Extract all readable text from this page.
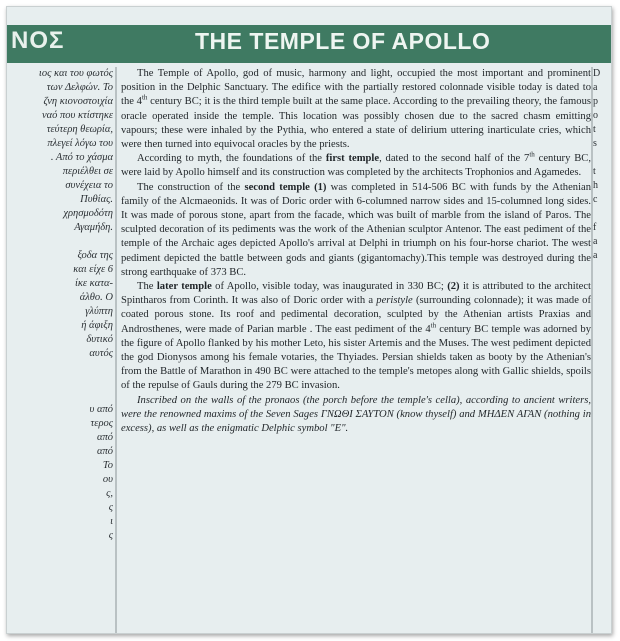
ΝΟΣ	THE TEMPLE OF APOLLO
ιος και του φωτός
των Δελφών. Το
ζνη κιονοστοιχία
ναό που κτίστηκε
τεύτερη θεωρία,
πλεγεί λόγω του
. Από το χάσμα
περιέλθει σε
συνέχεια το
Πυθίας.
χρησμοδότη
Αγαμήδη.

ξοδα της
και είχε 6
ίκε κατα-
άλθο. Ο
γλύπτη
ή άφιξη
δυτικό
αυτός

υ από
τερος
από
από
Το
ου
ς,
ς
ι
ς
D
a
p
o
t
s

t
h
c

f
a
a

The Temple of Apollo, god of music, harmony and light, occupied the most important and prominent position in the Delphic Sanctuary. The edifice with the partially restored colonnade visible today is dated to the 4th century BC; it is the third temple built at the same place. According to the prevailing theory, the famous oracle operated inside the temple. This location was possibly chosen due to the sacred chasm emitting vapours; these were inhaled by the Pythia, who entered a state of delirium uttering inarticulate cries, which were then turned into equivocal oracles by the priests.

According to myth, the foundations of the first temple, dated to the second half of the 7th century BC, were laid by Apollo himself and its construction was completed by the architects Trophonios and Agamedes.

The construction of the second temple (1) was completed in 514-506 BC with funds by the Athenian family of the Alcmaeonids. It was of Doric order with 6-columned narrow sides and 15-columned long sides. It was made of porous stone, apart from the facade, which was built of marble from the island of Paros. The sculpted decoration of its pediments was the work of the Athenian sculptor Antenor. The east pediment of the temple of the Archaic ages depicted Apollo's arrival at Delphi in triumph on his four-horse chariot. The west pediment depicted the battle between gods and giants (gigantomachy).This temple was destroyed during the strong earthquake of 373 BC.

The later temple of Apollo, visible today, was inaugurated in 330 BC; (2) it is attributed to the architect Spintharos from Corinth. It was also of Doric order with a peristyle (surrounding colonnade); it was made of coated porous stone. Its roof and pedimental decoration, sculpted by the Athenian artists Praxias and Androsthenes, were made of Parian marble . The east pediment of the 4th century BC temple was adorned by the figure of Apollo flanked by his mother Leto, his sister Artemis and the Muses. The west pediment depicted the god Dionysos among his female votaries, the Thyiades. Persian shields taken as booty by the Athenian's from the Battle of Marathon in 490 BC were attached to the temple's metopes along with Gallic shields, spoils of the repulse of Gauls during the 279 BC invasion.

Inscribed on the walls of the pronaos (the porch before the temple's cella), according to ancient writers, were the renowned maxims of the Seven Sages ΓΝΩΘΙ ΣΑΥΤΟΝ (know thyself) and ΜΗΔΕΝ ΑΓΑΝ (nothing in excess), as well as the enigmatic Delphic symbol "E".
